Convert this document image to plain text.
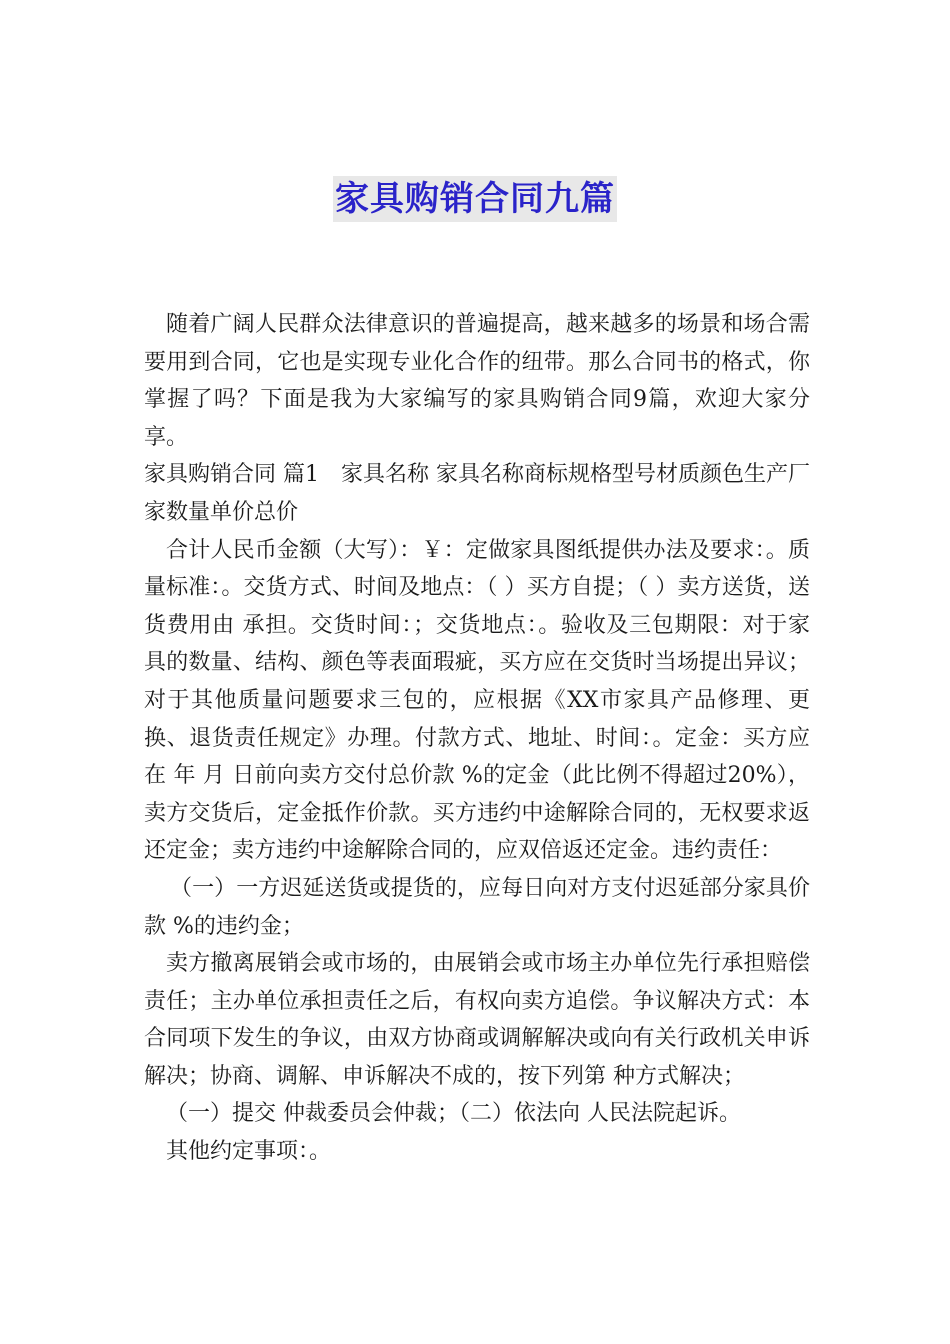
家具购销合同九篇

随着广阔人民群众法律意识的普遍提高，越来越多的场景和场合需要用到合同，它也是实现专业化合作的纽带。那么合同书的格式，你掌握了吗？下面是我为大家编写的家具购销合同9篇，欢迎大家分享。

家具购销合同 篇1　家具名称 家具名称商标规格型号材质颜色生产厂家数量单价总价

合计人民币金额（大写）：￥：定做家具图纸提供办法及要求：。质量标准：。交货方式、时间及地点：（ ）买方自提；（ ）卖方送货，送货费用由 承担。交货时间：；交货地点：。验收及三包期限：对于家具的数量、结构、颜色等表面瑕疵，买方应在交货时当场提出异议；对于其他质量问题要求三包的，应根据《XX市家具产品修理、更换、退货责任规定》办理。付款方式、地址、时间：。定金：买方应在 年 月 日前向卖方交付总价款 %的定金（此比例不得超过20%），卖方交货后，定金抵作价款。买方违约中途解除合同的，无权要求返还定金；卖方违约中途解除合同的，应双倍返还定金。违约责任：

（一）一方迟延送货或提货的，应每日向对方支付迟延部分家具价款 %的违约金；

卖方撤离展销会或市场的，由展销会或市场主办单位先行承担赔偿责任；主办单位承担责任之后，有权向卖方追偿。争议解决方式：本合同项下发生的争议，由双方协商或调解解决或向有关行政机关申诉解决；协商、调解、申诉解决不成的，按下列第 种方式解决；

（一）提交 仲裁委员会仲裁；（二）依法向 人民法院起诉。

其他约定事项：。
